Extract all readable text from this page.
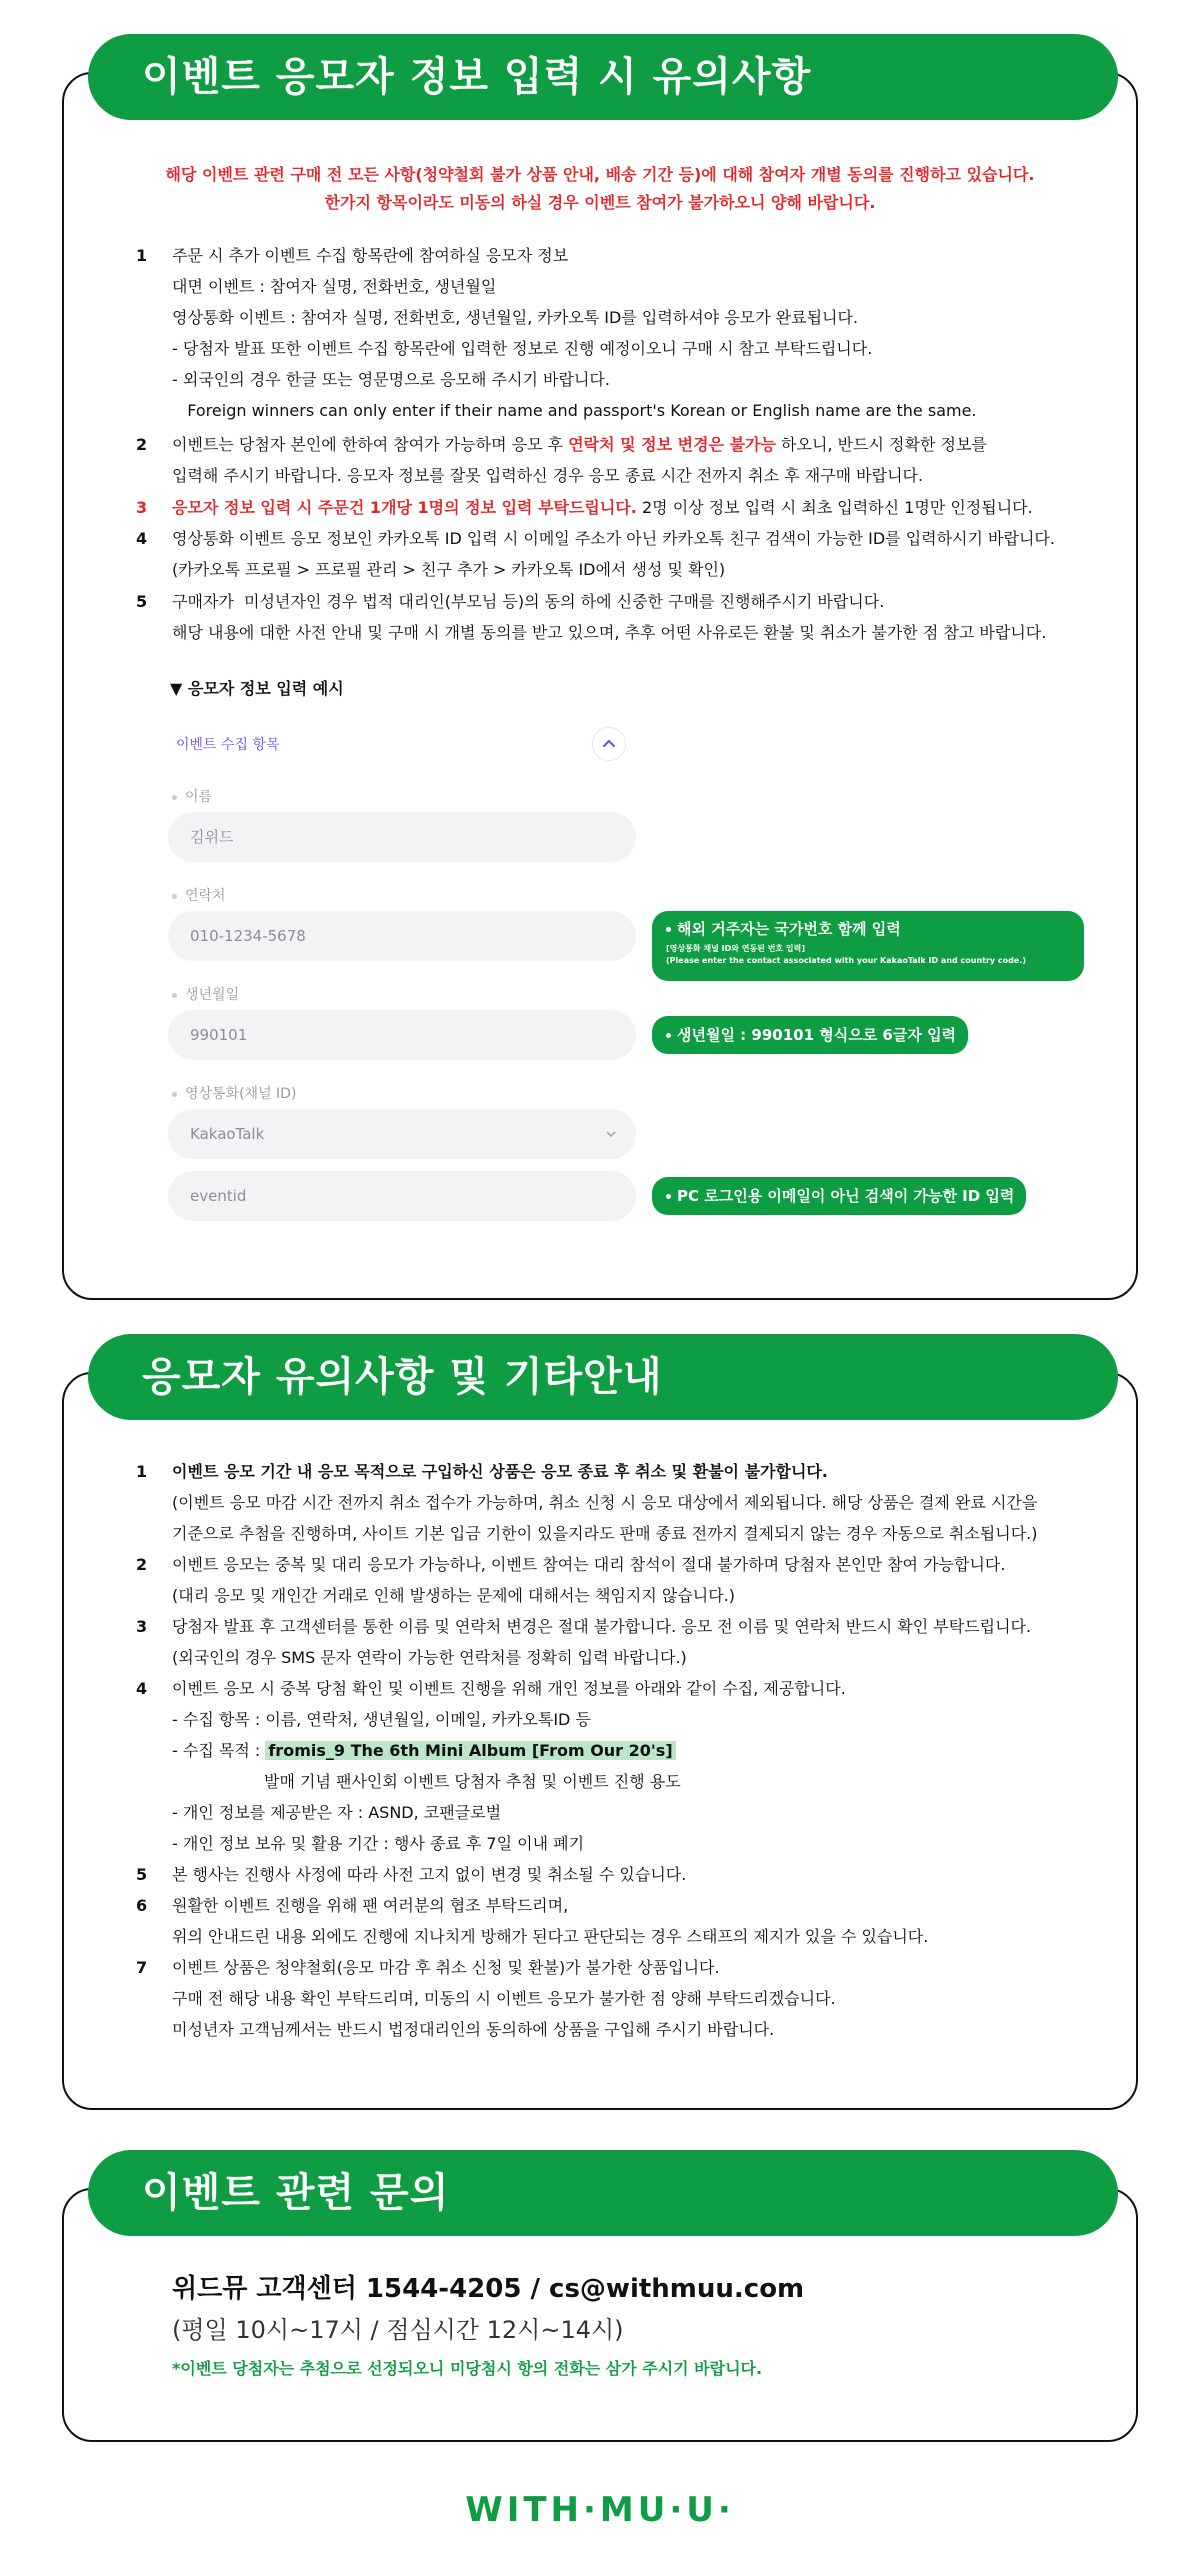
이벤트 응모자 정보 입력 시 유의사항
해당 이벤트 관련 구매 전 모든 사항(청약철회 불가 상품 안내, 배송 기간 등)에 대해 참여자 개별 동의를 진행하고 있습니다.
한가지 항목이라도 미동의 하실 경우 이벤트 참여가 불가하오니 양해 바랍니다.
1	주문 시 추가 이벤트 수집 항목란에 참여하실 응모자 정보
대면 이벤트 : 참여자 실명, 전화번호, 생년월일
영상통화 이벤트 : 참여자 실명, 전화번호, 생년월일, 카카오톡 ID를 입력하셔야 응모가 완료됩니다.
- 당첨자 발표 또한 이벤트 수집 항목란에 입력한 정보로 진행 예정이오니 구매 시 참고 부탁드립니다.
- 외국인의 경우 한글 또는 영문명으로 응모해 주시기 바랍니다.
Foreign winners can only enter if their name and passport's Korean or English name are the same.
2	이벤트는 당첨자 본인에 한하여 참여가 가능하며 응모 후 연락처 및 정보 변경은 불가능 하오니, 반드시 정확한 정보를
입력해 주시기 바랍니다. 응모자 정보를 잘못 입력하신 경우 응모 종료 시간 전까지 취소 후 재구매 바랍니다.
3	응모자 정보 입력 시 주문건 1개당 1명의 정보 입력 부탁드립니다. 2명 이상 정보 입력 시 최초 입력하신 1명만 인정됩니다.
4	영상통화 이벤트 응모 정보인 카카오톡 ID 입력 시 이메일 주소가 아닌 카카오톡 친구 검색이 가능한 ID를 입력하시기 바랍니다.
(카카오톡 프로필 > 프로필 관리 > 친구 추가 > 카카오톡 ID에서 생성 및 확인)
5	구매자가  미성년자인 경우 법적 대리인(부모님 등)의 동의 하에 신중한 구매를 진행해주시기 바랍니다.
해당 내용에 대한 사전 안내 및 구매 시 개별 동의를 받고 있으며, 추후 어떤 사유로든 환불 및 취소가 불가한 점 참고 바랍니다.
▼ 응모자 정보 입력 예시
이벤트 수집 항목
이름
김위드
연락처
010-1234-5678
생년월일
990101
영상통화(채널 ID)
KakaoTalk
eventid
해외 거주자는 국가번호 함께 입력
[영상통화 채널 ID와 연동된 번호 입력]
(Please enter the contact associated with your KakaoTalk ID and country code.)
생년월일 : 990101 형식으로 6글자 입력
PC 로그인용 이메일이 아닌 검색이 가능한 ID 입력
응모자 유의사항 및 기타안내
1	이벤트 응모 기간 내 응모 목적으로 구입하신 상품은 응모 종료 후 취소 및 환불이 불가합니다.
(이벤트 응모 마감 시간 전까지 취소 접수가 가능하며, 취소 신청 시 응모 대상에서 제외됩니다. 해당 상품은 결제 완료 시간을
기준으로 추첨을 진행하며, 사이트 기본 입금 기한이 있을지라도 판매 종료 전까지 결제되지 않는 경우 자동으로 취소됩니다.)
2	이벤트 응모는 중복 및 대리 응모가 가능하나, 이벤트 참여는 대리 참석이 절대 불가하며 당첨자 본인만 참여 가능합니다.
(대리 응모 및 개인간 거래로 인해 발생하는 문제에 대해서는 책임지지 않습니다.)
3	당첨자 발표 후 고객센터를 통한 이름 및 연락처 변경은 절대 불가합니다. 응모 전 이름 및 연락처 반드시 확인 부탁드립니다.
(외국인의 경우 SMS 문자 연락이 가능한 연락처를 정확히 입력 바랍니다.)
4	이벤트 응모 시 중복 당첨 확인 및 이벤트 진행을 위해 개인 정보를 아래와 같이 수집, 제공합니다.
- 수집 항목 : 이름, 연락처, 생년월일, 이메일, 카카오톡ID 등
- 수집 목적 : fromis_9 The 6th Mini Album [From Our 20's]
발매 기념 팬사인회 이벤트 당첨자 추첨 및 이벤트 진행 용도
- 개인 정보를 제공받은 자 : ASND, 코팬글로벌
- 개인 정보 보유 및 활용 기간 : 행사 종료 후 7일 이내 폐기
5	본 행사는 진행사 사정에 따라 사전 고지 없이 변경 및 취소될 수 있습니다.
6	원활한 이벤트 진행을 위해 팬 여러분의 협조 부탁드리며,
위의 안내드린 내용 외에도 진행에 지나치게 방해가 된다고 판단되는 경우 스태프의 제지가 있을 수 있습니다.
7	이벤트 상품은 청약철회(응모 마감 후 취소 신청 및 환불)가 불가한 상품입니다.
구매 전 해당 내용 확인 부탁드리며, 미동의 시 이벤트 응모가 불가한 점 양해 부탁드리겠습니다.
미성년자 고객님께서는 반드시 법정대리인의 동의하에 상품을 구입해 주시기 바랍니다.
이벤트 관련 문의
위드뮤 고객센터 1544-4205 / cs@withmuu.com
(평일 10시~17시 / 점심시간 12시~14시)
*이벤트 당첨자는 추첨으로 선정되오니 미당첨시 항의 전화는 삼가 주시기 바랍니다.
WITH·MU·U·
